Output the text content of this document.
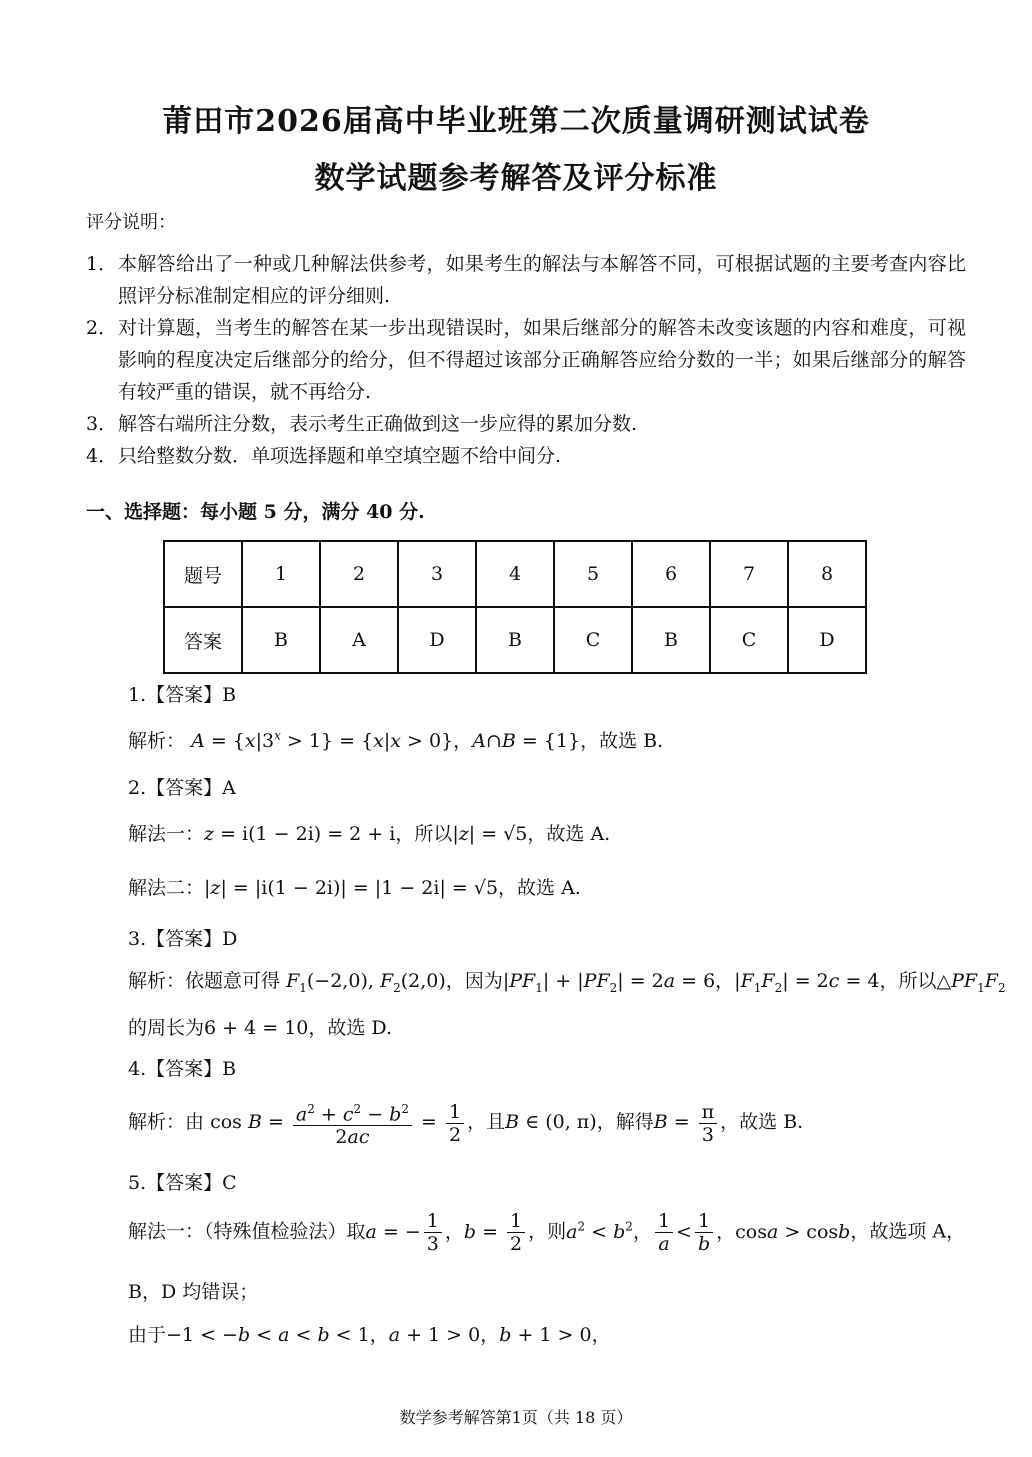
莆田市2026届高中毕业班第二次质量调研测试试卷
数学试题参考解答及评分标准
评分说明：
1． 本解答给出了一种或几种解法供参考，如果考生的解法与本解答不同，可根据试题的主要考查内容比照评分标准制定相应的评分细则.
2． 对计算题，当考生的解答在某一步出现错误时，如果后继部分的解答未改变该题的内容和难度，可视影响的程度决定后继部分的给分，但不得超过该部分正确解答应给分数的一半；如果后继部分的解答有较严重的错误，就不再给分.
3． 解答右端所注分数，表示考生正确做到这一步应得的累加分数.
4． 只给整数分数．单项选择题和单空填空题不给中间分.
一、选择题：每小题 5 分，满分 40 分.
题号	1	2	3	4	5	6	7	8
答案	B	A	D	B	C	B	C	D
1.【答案】B
解析： $A = \{x|3^x > 1\} = \{x|x > 0\}$，A∩B = {1}，故选 B.
2.【答案】A
解法一：z = i(1 − 2i) = 2 + i，所以|z| = √5，故选 A.
解法二：|z| = |i(1 − 2i)| = |1 − 2i| = √5，故选 A.
3.【答案】D
解析：依题意可得 $F_1(-2,0)$, $F_2(2,0)$，因为$|PF_1| + |PF_2| = 2a = 6$，$|F_1F_2| = 2c = 4$，所以$\triangle PF_1F_2$
的周长为6 + 4 = 10，故选 D.
4.【答案】B
解析：由 $\cos B = \frac{a^2 + c^2 - b^2}{2ac} = \frac{1}{2}$ ，且B ∈ (0, π)，解得$B = \frac{\pi}{3}$ ，故选 B.
5.【答案】C
解法一：（特殊值检验法）取a = − $\frac{1}{3}$ ，$b = \frac{1}{2}$ ，则$a^2 < b^2$， $\frac{1}{a} < \frac{1}{b}$ ，cosa > cosb，故选项 A，
B，D 均错误；
由于−1 < −b < a < b < 1，a + 1 > 0，b + 1 > 0，
数学参考解答第1页（共 18 页）
